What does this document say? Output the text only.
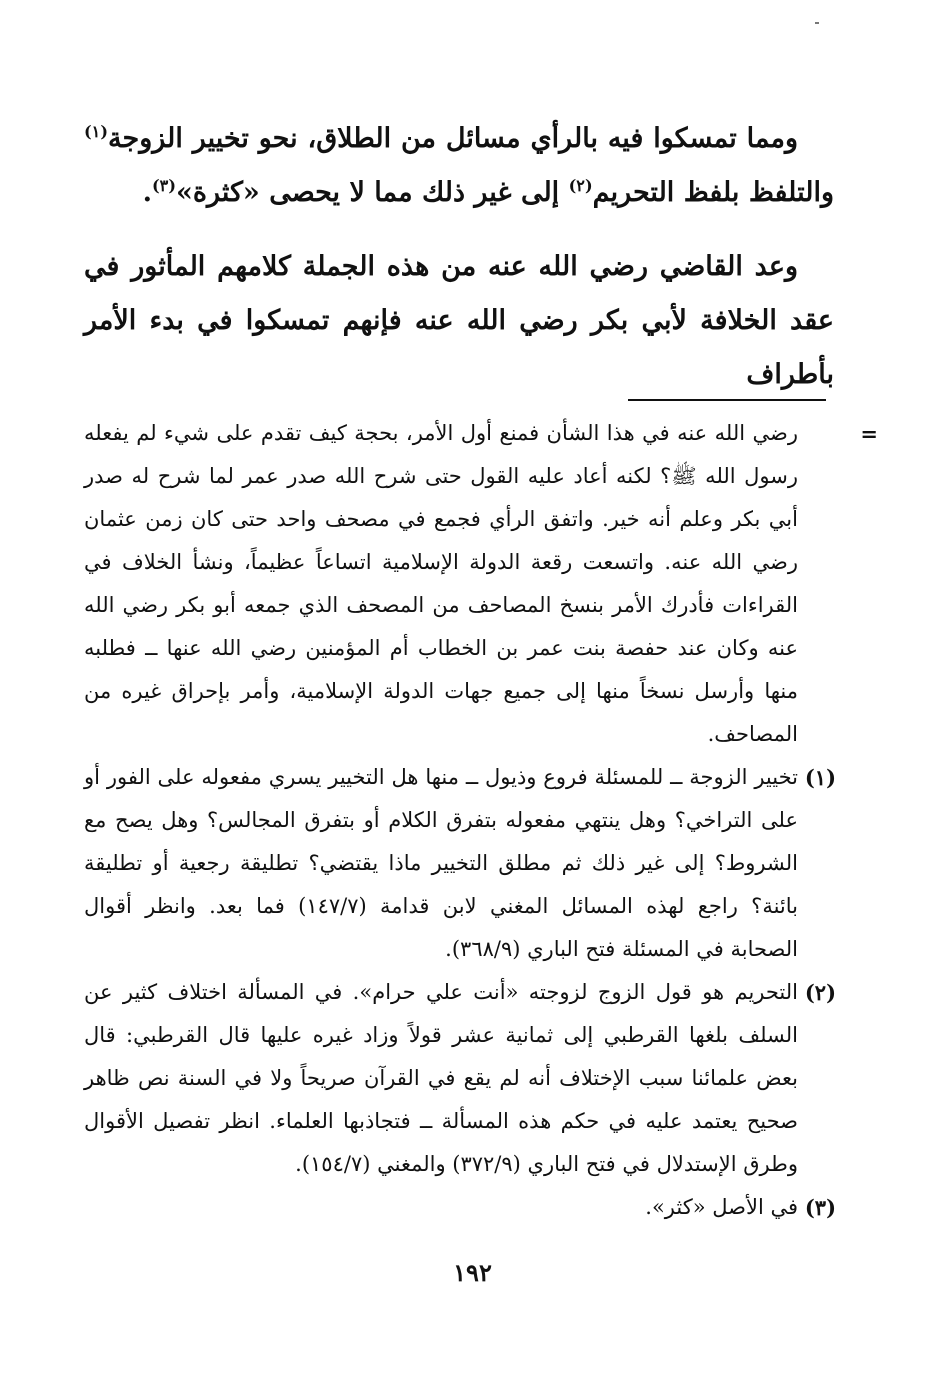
ومما تمسكوا فيه بالرأي مسائل من الطلاق، نحو تخيير الزوجة$^{(١)}$ والتلفظ بلفظ التحريم$^{(٢)}$ إلى غير ذلك مما لا يحصى «كثرة»$^{(٣)}$.

وعد القاضي رضي الله عنه من هذه الجملة كلامهم المأثور في عقد الخلافة لأبي بكر رضي الله عنه فإنهم تمسكوا في بدء الأمر بأطراف

=
رضي الله عنه في هذا الشأن فمنع أول الأمر، بحجة كيف تقدم على شيء لم يفعله رسول الله ﷺ؟ لكنه أعاد عليه القول حتى شرح الله صدر عمر لما شرح له صدر أبي بكر وعلم أنه خير. واتفق الرأي فجمع في مصحف واحد حتى كان زمن عثمان رضي الله عنه. واتسعت رقعة الدولة الإسلامية اتساعاً عظيماً، ونشأ الخلاف في القراءات فأدرك الأمر بنسخ المصاحف من المصحف الذي جمعه أبو بكر رضي الله عنه وكان عند حفصة بنت عمر بن الخطاب أم المؤمنين رضي الله عنها ــ فطلبه منها وأرسل نسخاً منها إلى جميع جهات الدولة الإسلامية، وأمر بإحراق غيره من المصاحف.
(١)
تخيير الزوجة ــ للمسئلة فروع وذيول ــ منها هل التخيير يسري مفعوله على الفور أو على التراخي؟ وهل ينتهي مفعوله بتفرق الكلام أو بتفرق المجالس؟ وهل يصح مع الشروط؟ إلى غير ذلك ثم مطلق التخيير ماذا يقتضي؟ تطليقة رجعية أو تطليقة بائنة؟ راجع لهذه المسائل المغني لابن قدامة (١٤٧/٧) فما بعد. وانظر أقوال الصحابة في المسئلة فتح الباري (٣٦٨/٩).
(٢)
التحريم هو قول الزوج لزوجته «أنت علي حرام». في المسألة اختلاف كثير عن السلف بلغها القرطبي إلى ثمانية عشر قولاً وزاد غيره عليها قال القرطبي: قال بعض علمائنا سبب الإختلاف أنه لم يقع في القرآن صريحاً ولا في السنة نص ظاهر صحيح يعتمد عليه في حكم هذه المسألة ــ فتجاذبها العلماء. انظر تفصيل الأقوال وطرق الإستدلال في فتح الباري (٣٧٢/٩) والمغني (١٥٤/٧).
(٣)
في الأصل «كثر».
١٩٢
